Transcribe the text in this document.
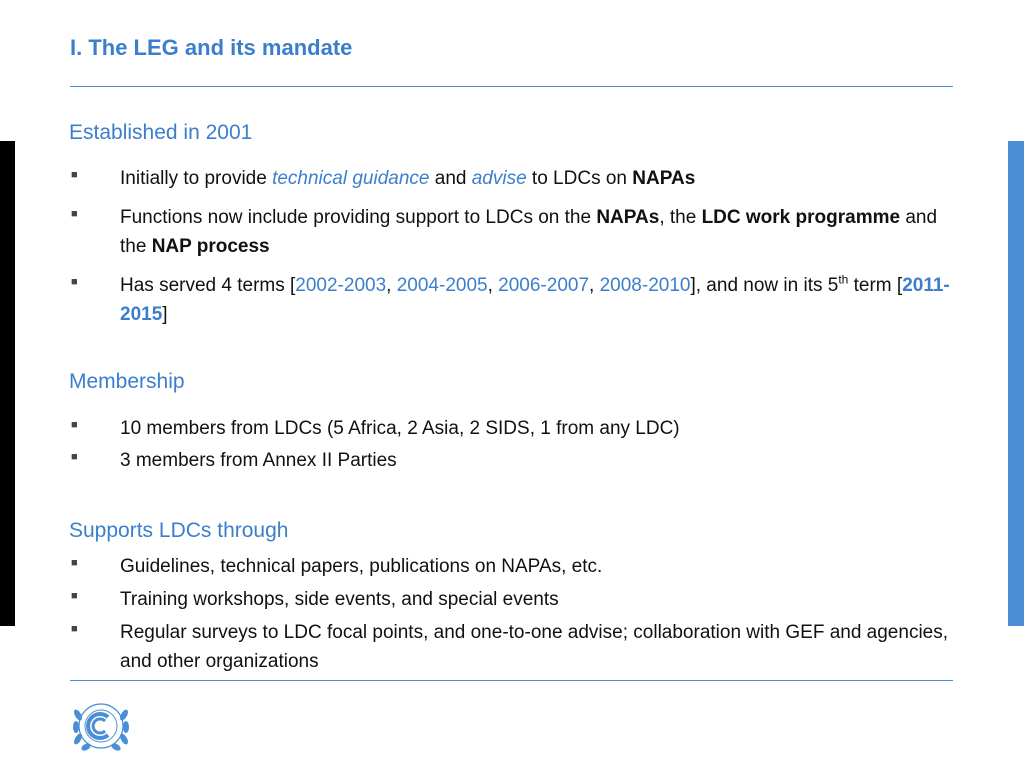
I. The LEG and its mandate
Established in 2001
■ Initially to provide technical guidance and advise to LDCs on NAPAs
■ Functions now include providing support to LDCs on the NAPAs, the LDC work programme and the NAP process
■ Has served 4 terms [2002-2003, 2004-2005, 2006-2007, 2008-2010], and now in its 5th term [2011-2015]
Membership
■ 10 members from LDCs (5 Africa, 2 Asia, 2 SIDS, 1 from any LDC)
■ 3 members from Annex II Parties
Supports LDCs through
■ Guidelines, technical papers, publications on NAPAs, etc.
■ Training workshops, side events, and special events
■ Regular surveys to LDC focal points, and one-to-one advise; collaboration with GEF and agencies, and other organizations
